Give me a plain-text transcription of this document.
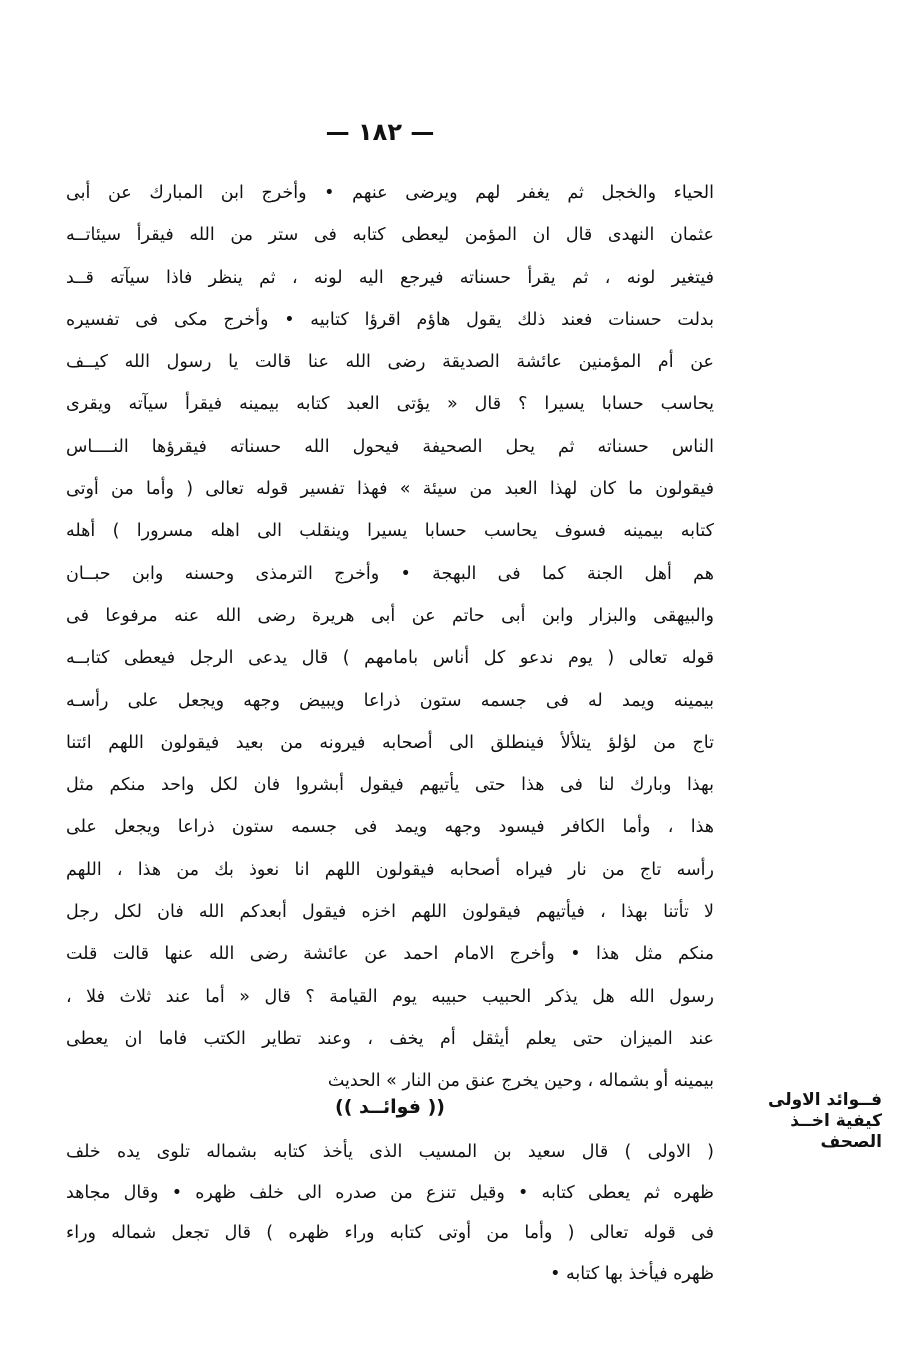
— ١٨٢ —
الحياء والخجل ثم يغفر لهم ويرضى عنهم • وأخرج ابن المبارك عن أبى
عثمان النهدى قال ان المؤمن ليعطى كتابه فى ستر من الله فيقرأ سيئاتــه
فيتغير لونه ، ثم يقرأ حسناته فيرجع اليه لونه ، ثم ينظر فاذا سيآته قــد
بدلت حسنات فعند ذلك يقول هاؤم اقرؤا كتابيه • وأخرج مكى فى تفسيره
عن أم المؤمنين عائشة الصديقة رضى الله عنا قالت يا رسول الله كيــف
يحاسب حسابا يسيرا ؟ قال « يؤتى العبد كتابه بيمينه فيقرأ سيآته ويقرى
الناس حسناته ثم يحل الصحيفة فيحول الله حسناته فيقرؤها النــــاس
فيقولون ما كان لهذا العبد من سيئة » فهذا تفسير قوله تعالى ( وأما من أوتى
كتابه بيمينه فسوف يحاسب حسابا يسيرا وينقلب الى اهله مسرورا ) أهله
هم أهل الجنة كما فى البهجة • وأخرج الترمذى وحسنه وابن حبــان
والبيهقى والبزار وابن أبى حاتم عن أبى هريرة رضى الله عنه مرفوعا فى
قوله تعالى ( يوم ندعو كل أناس بامامهم ) قال يدعى الرجل فيعطى كتابــه
بيمينه ويمد له فى جسمه ستون ذراعا ويبيض وجهه ويجعل على رأسـه
تاج من لؤلؤ يتلألأ فينطلق الى أصحابه فيرونه من بعيد فيقولون اللهم ائتنا
بهذا وبارك لنا فى هذا حتى يأتيهم فيقول أبشروا فان لكل واحد منكم مثل
هذا ، وأما الكافر فيسود وجهه ويمد فى جسمه ستون ذراعا ويجعل على
رأسه تاج من نار فيراه أصحابه فيقولون اللهم انا نعوذ بك من هذا ، اللهم
لا تأتنا بهذا ، فيأتيهم فيقولون اللهم اخزه فيقول أبعدكم الله فان لكل رجل
منكم مثل هذا • وأخرج الامام احمد عن عائشة رضى الله عنها قالت قلت
رسول الله هل يذكر الحبيب حبيبه يوم القيامة ؟ قال « أما عند ثلاث فلا ،
عند الميزان حتى يعلم أيثقل أم يخف ، وعند تطاير الكتب فاما ان يعطى
بيمينه أو بشماله ، وحين يخرج عنق من النار » الحديث
(( فوائــد ))	فــوائد الاولى
كيفية اخــذ
الصحف
( الاولى ) قال سعيد بن المسيب الذى يأخذ كتابه بشماله تلوى يده خلف
ظهره ثم يعطى كتابه • وقيل تنزع من صدره الى خلف ظهره • وقال مجاهد
فى قوله تعالى ( وأما من أوتى كتابه وراء ظهره ) قال تجعل شماله وراء
ظهره فيأخذ بها كتابه •
